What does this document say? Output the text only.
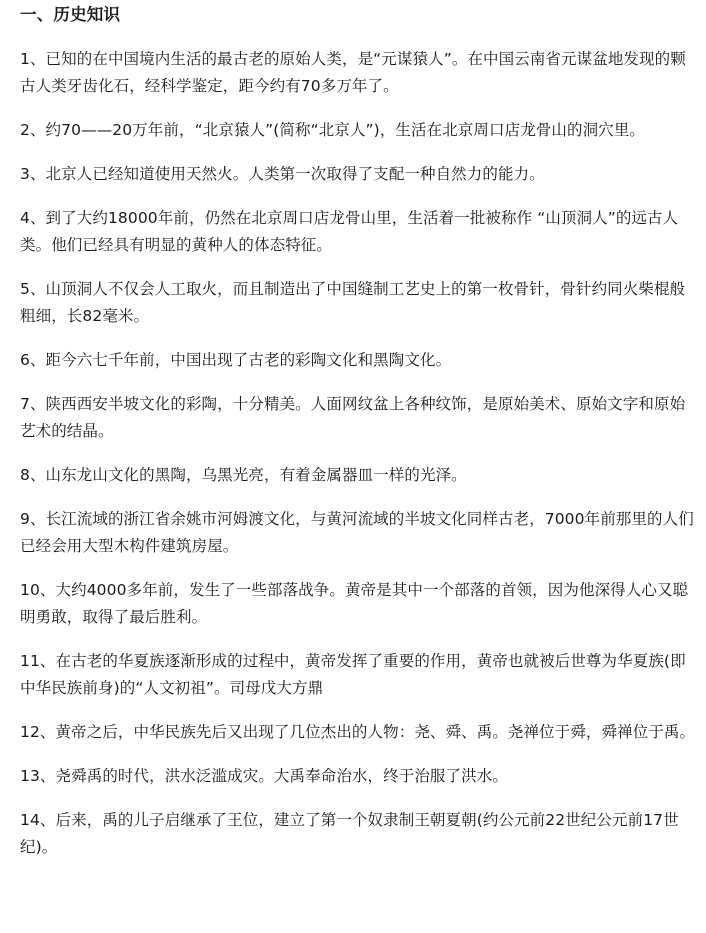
一、历史知识
1、已知的在中国境内生活的最古老的原始人类，是“元谋猿人”。在中国云南省元谋盆地发现的颗古人类牙齿化石，经科学鉴定，距今约有70多万年了。
2、约70——20万年前，“北京猿人”(简称“北京人”)，生活在北京周口店龙骨山的洞穴里。
3、北京人已经知道使用天然火。人类第一次取得了支配一种自然力的能力。
4、到了大约18000年前，仍然在北京周口店龙骨山里，生活着一批被称作 “山顶洞人”的远古人类。他们已经具有明显的黄种人的体态特征。
5、山顶洞人不仅会人工取火，而且制造出了中国缝制工艺史上的第一枚骨针，骨针约同火柴棍般粗细，长82毫米。
6、距今六七千年前，中国出现了古老的彩陶文化和黑陶文化。
7、陕西西安半坡文化的彩陶，十分精美。人面网纹盆上各种纹饰，是原始美术、原始文字和原始艺术的结晶。
8、山东龙山文化的黑陶，乌黑光亮，有着金属器皿一样的光泽。
9、长江流域的浙江省余姚市河姆渡文化，与黄河流域的半坡文化同样古老，7000年前那里的人们已经会用大型木构件建筑房屋。
10、大约4000多年前，发生了一些部落战争。黄帝是其中一个部落的首领，因为他深得人心又聪明勇敢，取得了最后胜利。
11、在古老的华夏族逐渐形成的过程中，黄帝发挥了重要的作用，黄帝也就被后世尊为华夏族(即中华民族前身)的“人文初祖”。司母戊大方鼎
12、黄帝之后，中华民族先后又出现了几位杰出的人物：尧、舜、禹。尧禅位于舜，舜禅位于禹。
13、尧舜禹的时代，洪水泛滥成灾。大禹奉命治水，终于治服了洪水。
14、后来，禹的儿子启继承了王位，建立了第一个奴隶制王朝夏朝(约公元前22世纪公元前17世纪)。
